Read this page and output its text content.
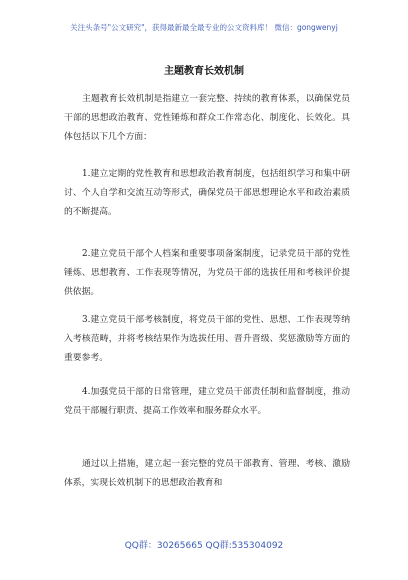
关注头条号"公文研究"，获得最新最全最专业的公文资料库！ 微信：gongwenyj
主题教育长效机制

主题教育长效机制是指建立一套完整、持续的教育体系，以确保党员干部的思想政治教育、党性锤炼和群众工作常态化、制度化、长效化。具体包括以下几个方面：

1.建立定期的党性教育和思想政治教育制度，包括组织学习和集中研讨、个人自学和交流互动等形式，确保党员干部思想理论水平和政治素质的不断提高。

2.建立党员干部个人档案和重要事项备案制度，记录党员干部的党性锤炼、思想教育、工作表现等情况，为党员干部的选拔任用和考核评价提供依据。

3.建立党员干部考核制度，将党员干部的党性、思想、工作表现等纳入考核范畴，并将考核结果作为选拔任用、晋升晋级、奖惩激励等方面的重要参考。

4.加强党员干部的日常管理，建立党员干部责任制和监督制度，推动党员干部履行职责、提高工作效率和服务群众水平。

通过以上措施，建立起一套完整的党员干部教育、管理、考核、激励体系，实现长效机制下的思想政治教育和

QQ群：30265665 QQ群:535304092
